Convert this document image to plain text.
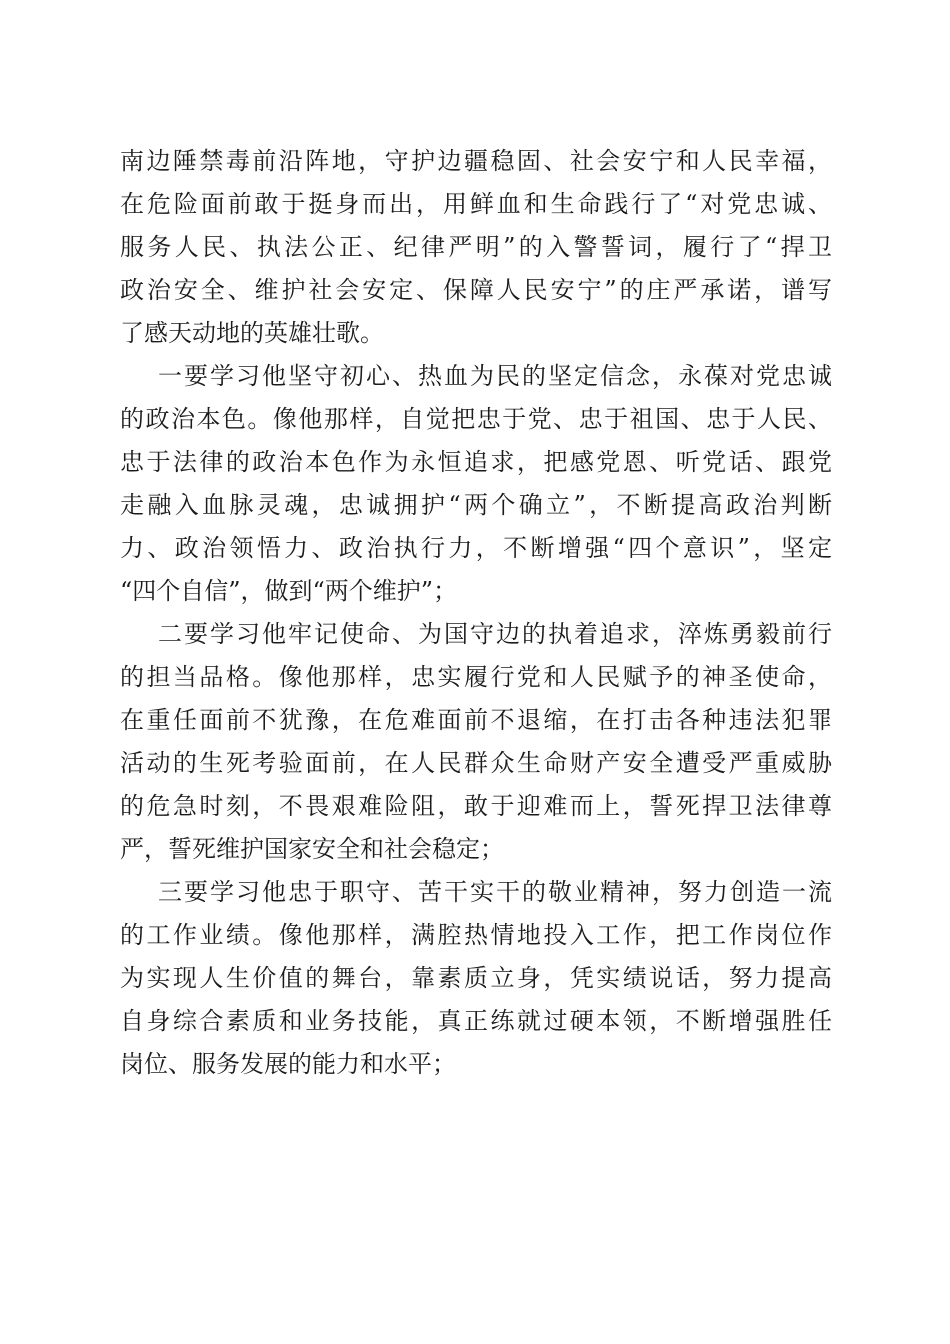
南边陲禁毒前沿阵地，守护边疆稳固、社会安宁和人民幸福，
在危险面前敢于挺身而出，用鲜血和生命践行了“对党忠诚、
服务人民、执法公正、纪律严明”的入警誓词，履行了“捍卫
政治安全、维护社会安定、保障人民安宁”的庄严承诺，谱写
了感天动地的英雄壮歌。
一要学习他坚守初心、热血为民的坚定信念，永葆对党忠诚
的政治本色。像他那样，自觉把忠于党、忠于祖国、忠于人民、
忠于法律的政治本色作为永恒追求，把感党恩、听党话、跟党
走融入血脉灵魂，忠诚拥护“两个确立”，不断提高政治判断
力、政治领悟力、政治执行力，不断增强“四个意识”，坚定
“四个自信”，做到“两个维护”；
二要学习他牢记使命、为国守边的执着追求，淬炼勇毅前行
的担当品格。像他那样，忠实履行党和人民赋予的神圣使命，
在重任面前不犹豫，在危难面前不退缩，在打击各种违法犯罪
活动的生死考验面前，在人民群众生命财产安全遭受严重威胁
的危急时刻，不畏艰难险阻，敢于迎难而上，誓死捍卫法律尊
严，誓死维护国家安全和社会稳定；
三要学习他忠于职守、苦干实干的敬业精神，努力创造一流
的工作业绩。像他那样，满腔热情地投入工作，把工作岗位作
为实现人生价值的舞台，靠素质立身，凭实绩说话，努力提高
自身综合素质和业务技能，真正练就过硬本领，不断增强胜任
岗位、服务发展的能力和水平；
